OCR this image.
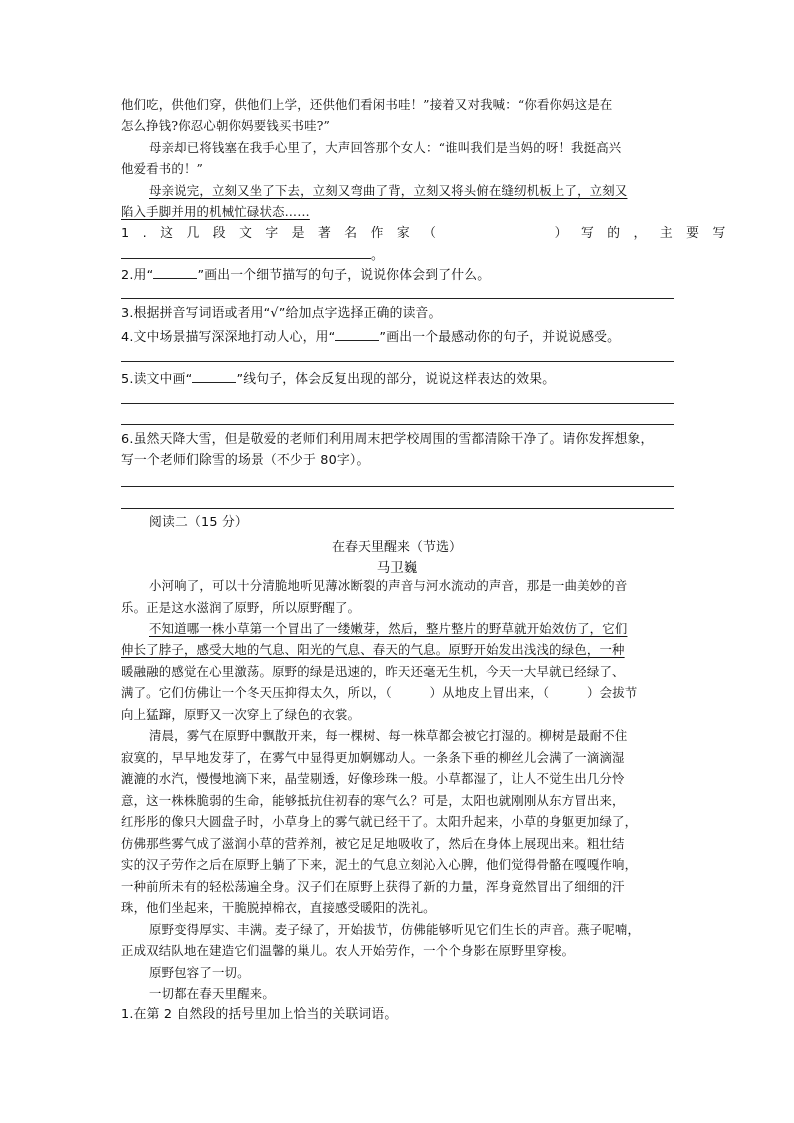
他们吃，供他们穿，供他们上学，还供他们看闲书哇！”接着又对我喊：“你看你妈这是在
怎么挣钱?你忍心朝你妈要钱买书哇?”
母亲却已将钱塞在我手心里了，大声回答那个女人：“谁叫我们是当妈的呀！我挺高兴
他爱看书的！”
母亲说完，立刻又坐了下去，立刻又弯曲了背，立刻又将头俯在缝纫机板上了，立刻又
陷入手脚并用的机械忙碌状态……
1.这几段文字是著名作家（　　　　）写的，主要写
。
2.用“	”画出一个细节描写的句子，说说你体会到了什么。
3.根据拼音写词语或者用“√”给加点字选择正确的读音。
4.文中场景描写深深地打动人心，用“	”画出一个最感动你的句子，并说说感受。
5.读文中画“	”线句子，体会反复出现的部分，说说这样表达的效果。
6.虽然天降大雪，但是敬爱的老师们利用周末把学校周围的雪都清除干净了。请你发挥想象，
写一个老师们除雪的场景（不少于 80字）。
阅读二（15 分）
在春天里醒来（节选）
马卫巍
小河响了，可以十分清脆地听见薄冰断裂的声音与河水流动的声音，那是一曲美妙的音
乐。正是这水滋润了原野，所以原野醒了。
不知道哪一株小草第一个冒出了一缕嫩芽，然后，整片整片的野草就开始效仿了，它们
伸长了脖子，感受大地的气息、阳光的气息、春天的气息。原野开始发出浅浅的绿色，一种
暖融融的感觉在心里激荡。原野的绿是迅速的，昨天还毫无生机，今天一大早就已经绿了、
满了。它们仿佛让一个冬天压抑得太久，所以，（　　　）从地皮上冒出来，（　　　）会拔节
向上猛蹿，原野又一次穿上了绿色的衣裳。
清晨，雾气在原野中飘散开来，每一棵树、每一株草都会被它打湿的。柳树是最耐不住
寂寞的，早早地发芽了，在雾气中显得更加婀娜动人。一条条下垂的柳丝儿会满了一滴滴湿
漉漉的水汽，慢慢地滴下来，晶莹剔透，好像珍珠一般。小草都湿了，让人不觉生出几分怜
意，这一株株脆弱的生命，能够抵抗住初春的寒气么？可是，太阳也就刚刚从东方冒出来，
红彤彤的像只大圆盘子时，小草身上的雾气就已经干了。太阳升起来，小草的身躯更加绿了，
仿佛那些雾气成了滋润小草的营养剂，被它足足地吸收了，然后在身体上展现出来。粗壮结
实的汉子劳作之后在原野上躺了下来，泥土的气息立刻沁入心脾，他们觉得骨骼在嘎嘎作响，
一种前所未有的轻松荡遍全身。汉子们在原野上获得了新的力量，浑身竟然冒出了细细的汗
珠，他们坐起来，干脆脱掉棉衣，直接感受暖阳的洗礼。
原野变得厚实、丰满。麦子绿了，开始拔节，仿佛能够听见它们生长的声音。燕子呢喃，
正成双结队地在建造它们温馨的巢儿。农人开始劳作，一个个身影在原野里穿梭。
原野包容了一切。
一切都在春天里醒来。
1.在第 2 自然段的括号里加上恰当的关联词语。
